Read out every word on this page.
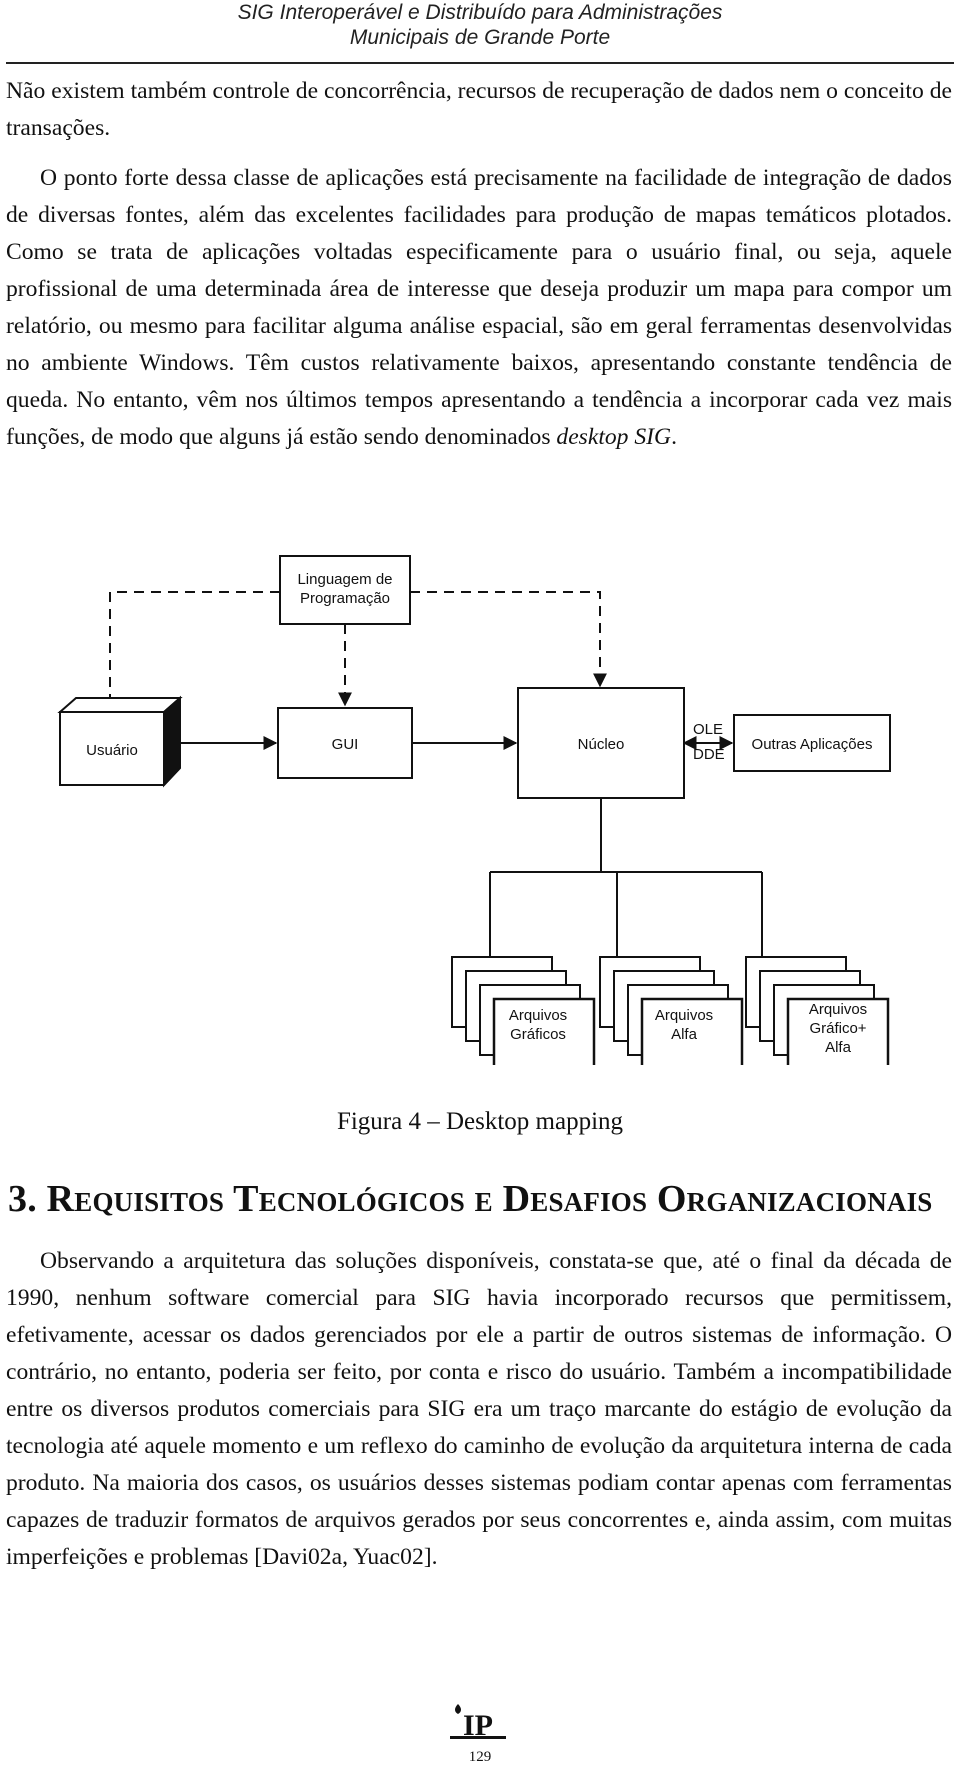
SIG Interoperável e Distribuído para Administrações
Municipais de Grande Porte

Não existem também controle de concorrência, recursos de recuperação de dados nem o conceito de transações.

O ponto forte dessa classe de aplicações está precisamente na facilidade de integração de dados de diversas fontes, além das excelentes facilidades para produção de mapas temáticos plotados. Como se trata de aplicações voltadas especificamente para o usuário final, ou seja, aquele profissional de uma determinada área de interesse que deseja produzir um mapa para compor um relatório, ou mesmo para facilitar alguma análise espacial, são em geral ferramentas desenvolvidas no ambiente Windows. Têm custos relativamente baixos, apresentando constante tendência de queda. No entanto, vêm nos últimos tempos apresentando a tendência a incorporar cada vez mais funções, de modo que alguns já estão sendo denominados desktop SIG.

Linguagem de
Programação
Usuário	GUI	Núcleo
OLE
DDE
Outras Aplicações
Arquivos
Gráficos
Arquivos
Alfa
Arquivos
Gráfico+
Alfa
Figura 4 – Desktop mapping
3. REQUISITOS TECNOLÓGICOS E DESAFIOS ORGANIZACIONAIS

Observando a arquitetura das soluções disponíveis, constata-se que, até o final da década de 1990, nenhum software comercial para SIG havia incorporado recursos que permitissem, efetivamente, acessar os dados gerenciados por ele a partir de outros sistemas de informação. O contrário, no entanto, poderia ser feito, por conta e risco do usuário. Também a incompatibilidade entre os diversos produtos comerciais para SIG era um traço marcante do estágio de evolução da tecnologia até aquele momento e um reflexo do caminho de evolução da arquitetura interna de cada produto. Na maioria dos casos, os usuários desses sistemas podiam contar apenas com ferramentas capazes de traduzir formatos de arquivos gerados por seus concorrentes e, ainda assim, com muitas imperfeições e problemas [Davi02a, Yuac02].

IP
129
